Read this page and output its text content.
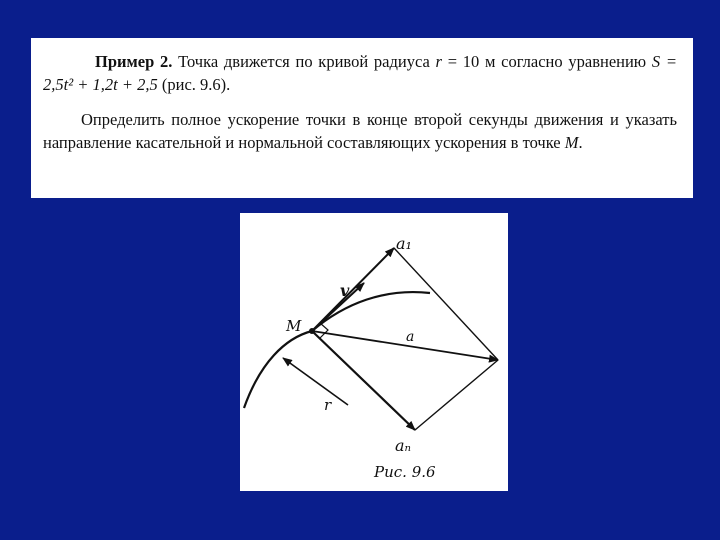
Пример 2. Точка движется по кривой радиуса r = 10 м согласно уравнению S = 2,5t² + 1,2t + 2,5 (рис. 9.6).

Определить полное ускорение точки в конце второй секунды движения и указать направление касательной и нормальной составляющих ускорения в точке M.

a₁
v
M
a
r
aₙ
Рис. 9.6
